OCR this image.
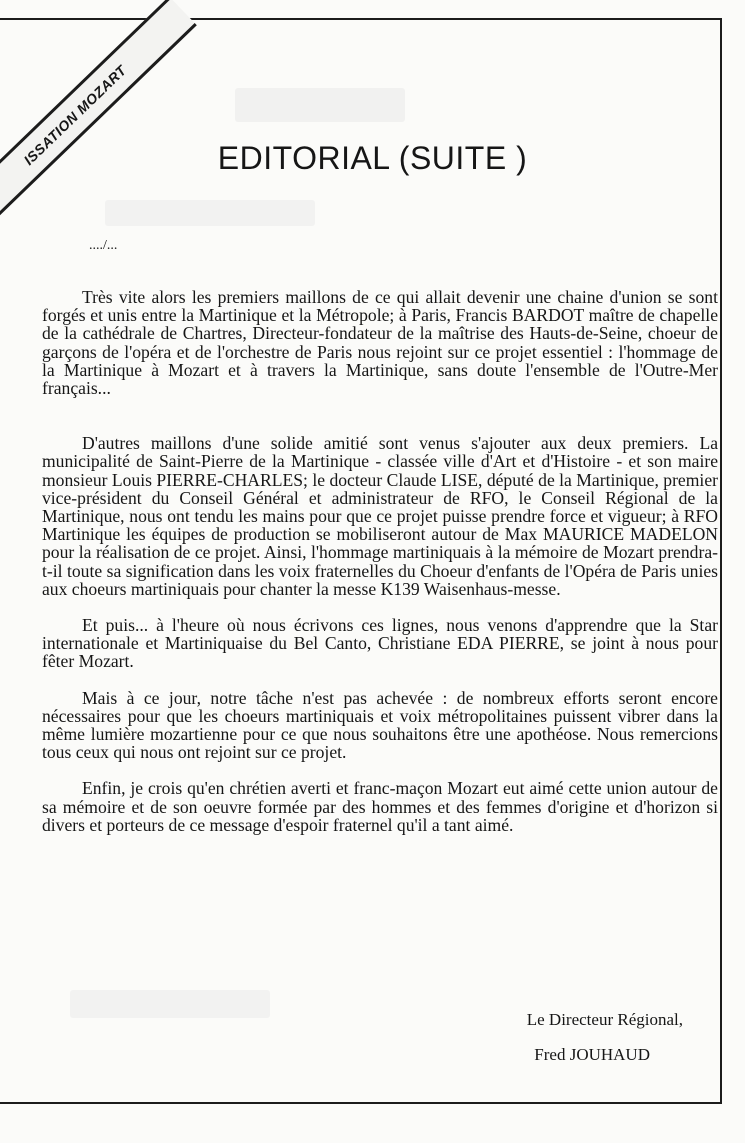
ISSATION MOZART	EDITORIAL (SUITE )
..../...

Très vite alors les premiers maillons de ce qui allait devenir une chaine d'union se sont forgés et unis entre la Martinique et la Métropole; à Paris, Francis BARDOT maître de chapelle de la cathédrale de Chartres, Directeur-fondateur de la maîtrise des Hauts-de-Seine, choeur de garçons de l'opéra et de l'orchestre de Paris nous rejoint sur ce projet essentiel : l'hommage de la Martinique à Mozart et à travers la Martinique, sans doute l'ensemble de l'Outre-Mer français...

D'autres maillons d'une solide amitié sont venus s'ajouter aux deux premiers. La municipalité de Saint-Pierre de la Martinique - classée ville d'Art et d'Histoire - et son maire monsieur Louis PIERRE-CHARLES; le docteur Claude LISE, député de la Martinique, premier vice-président du Conseil Général et administrateur de RFO, le Conseil Régional de la Martinique, nous ont tendu les mains pour que ce projet puisse prendre force et vigueur; à RFO Martinique les équipes de production se mobiliseront autour de Max MAURICE MADELON pour la réalisation de ce projet. Ainsi, l'hommage martiniquais à la mémoire de Mozart prendra-t-il toute sa signification dans les voix fraternelles du Choeur d'enfants de l'Opéra de Paris unies aux choeurs martiniquais pour chanter la messe K139 Waisenhaus-messe.

Et puis... à l'heure où nous écrivons ces lignes, nous venons d'apprendre que la Star internationale et Martiniquaise du Bel Canto, Christiane EDA PIERRE, se joint à nous pour fêter Mozart.

Mais à ce jour, notre tâche n'est pas achevée : de nombreux efforts seront encore nécessaires pour que les choeurs martiniquais et voix métropolitaines puissent vibrer dans la même lumière mozartienne pour ce que nous souhaitons être une apothéose. Nous remercions tous ceux qui nous ont rejoint sur ce projet.

Enfin, je crois qu'en chrétien averti et franc-maçon Mozart eut aimé cette union autour de sa mémoire et de son oeuvre formée par des hommes et des femmes d'origine et d'horizon si divers et porteurs de ce message d'espoir fraternel qu'il a tant aimé.

Le Directeur Régional,
Fred JOUHAUD
